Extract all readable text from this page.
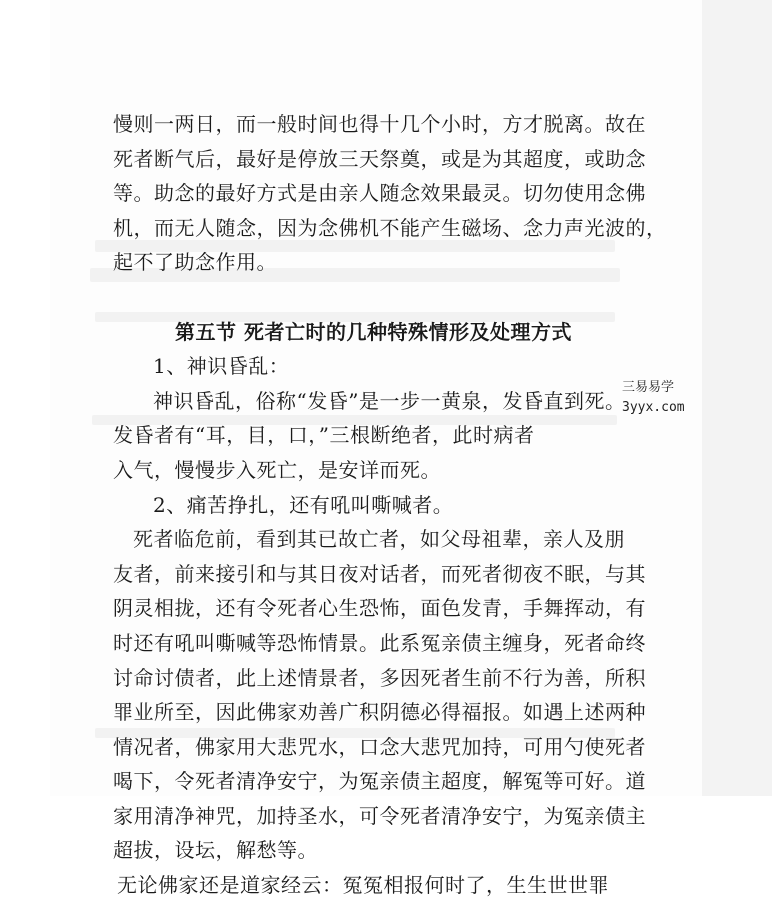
慢则一两日，而一般时间也得十几个小时，方才脱离。故在
死者断气后，最好是停放三天祭奠，或是为其超度，或助念
等。助念的最好方式是由亲人随念效果最灵。切勿使用念佛
机，而无人随念，因为念佛机不能产生磁场、念力声光波的，
起不了助念作用。
第五节 死者亡时的几种特殊情形及处理方式
1、神识昏乱：
神识昏乱，俗称“发昏”是一步一黄泉，发昏直到死。
发昏者有“耳，目，口，”三根断绝者，此时病者
入气，慢慢步入死亡，是安详而死。
2、痛苦挣扎，还有吼叫嘶喊者。
死者临危前，看到其已故亡者，如父母祖辈，亲人及朋
友者，前来接引和与其日夜对话者，而死者彻夜不眠，与其
阴灵相拢，还有令死者心生恐怖，面色发青，手舞挥动，有
时还有吼叫嘶喊等恐怖情景。此系冤亲债主缠身，死者命终
讨命讨债者，此上述情景者，多因死者生前不行为善，所积
罪业所至，因此佛家劝善广积阴德必得福报。如遇上述两种
情况者，佛家用大悲咒水，口念大悲咒加持，可用勺使死者
喝下，令死者清净安宁，为冤亲债主超度，解冤等可好。道
家用清净神咒，加持圣水，可令死者清净安宁，为冤亲债主
超拔，设坛，解愁等。
无论佛家还是道家经云：冤冤相报何时了，生生世世罪
三易易学
3yyx.com
